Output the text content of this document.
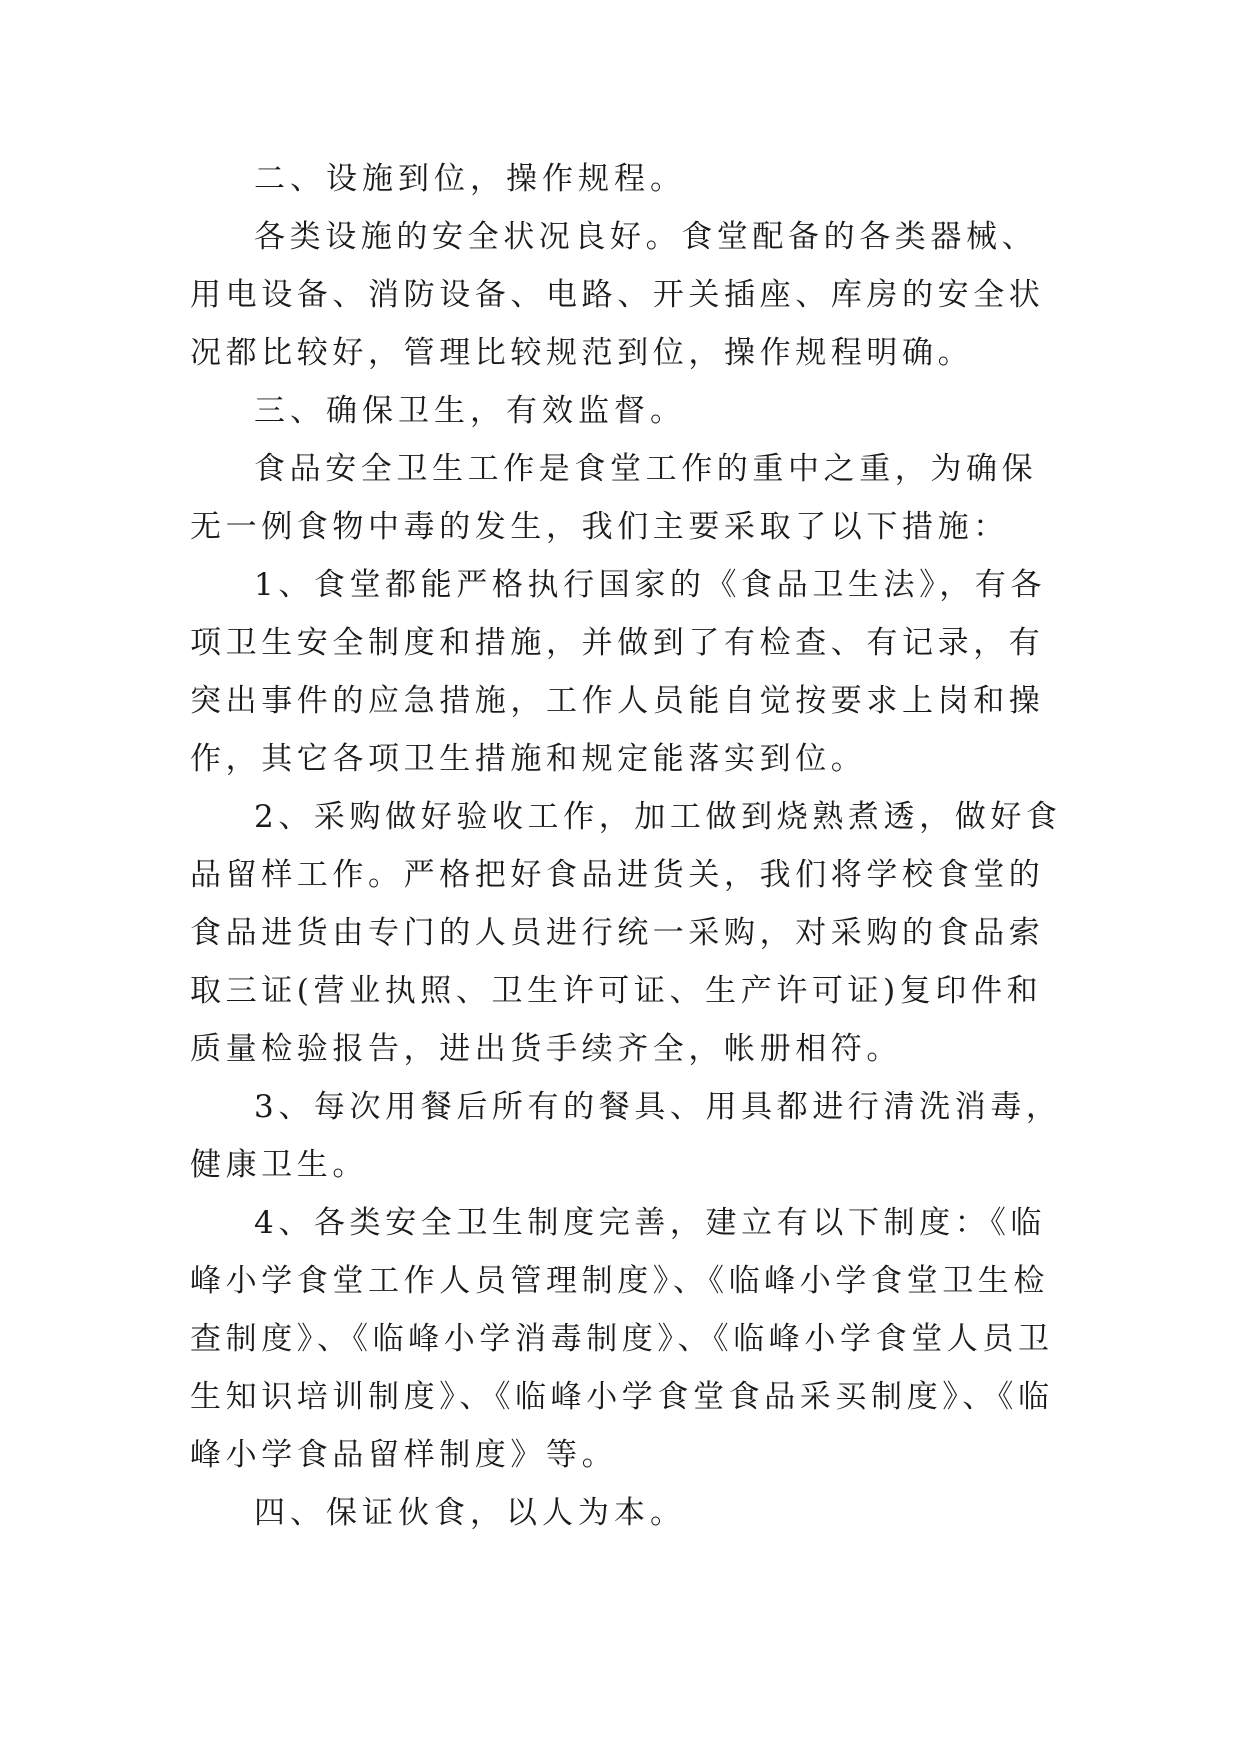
二、设施到位，操作规程。

各类设施的安全状况良好。食堂配备的各类器械、用电设备、消防设备、电路、开关插座、库房的安全状况都比较好，管理比较规范到位，操作规程明确。

三、确保卫生，有效监督。

食品安全卫生工作是食堂工作的重中之重，为确保无一例食物中毒的发生，我们主要采取了以下措施：

1、食堂都能严格执行国家的《食品卫生法》，有各项卫生安全制度和措施，并做到了有检查、有记录，有突出事件的应急措施，工作人员能自觉按要求上岗和操作，其它各项卫生措施和规定能落实到位。

2、采购做好验收工作，加工做到烧熟煮透，做好食品留样工作。严格把好食品进货关，我们将学校食堂的食品进货由专门的人员进行统一采购，对采购的食品索取三证(营业执照、卫生许可证、生产许可证)复印件和质量检验报告，进出货手续齐全，帐册相符。

3、每次用餐后所有的餐具、用具都进行清洗消毒，健康卫生。

4、各类安全卫生制度完善，建立有以下制度：《临峰小学食堂工作人员管理制度》、《临峰小学食堂卫生检查制度》、《临峰小学消毒制度》、《临峰小学食堂人员卫生知识培训制度》、《临峰小学食堂食品采买制度》、《临峰小学食品留样制度》等。

四、保证伙食，以人为本。
